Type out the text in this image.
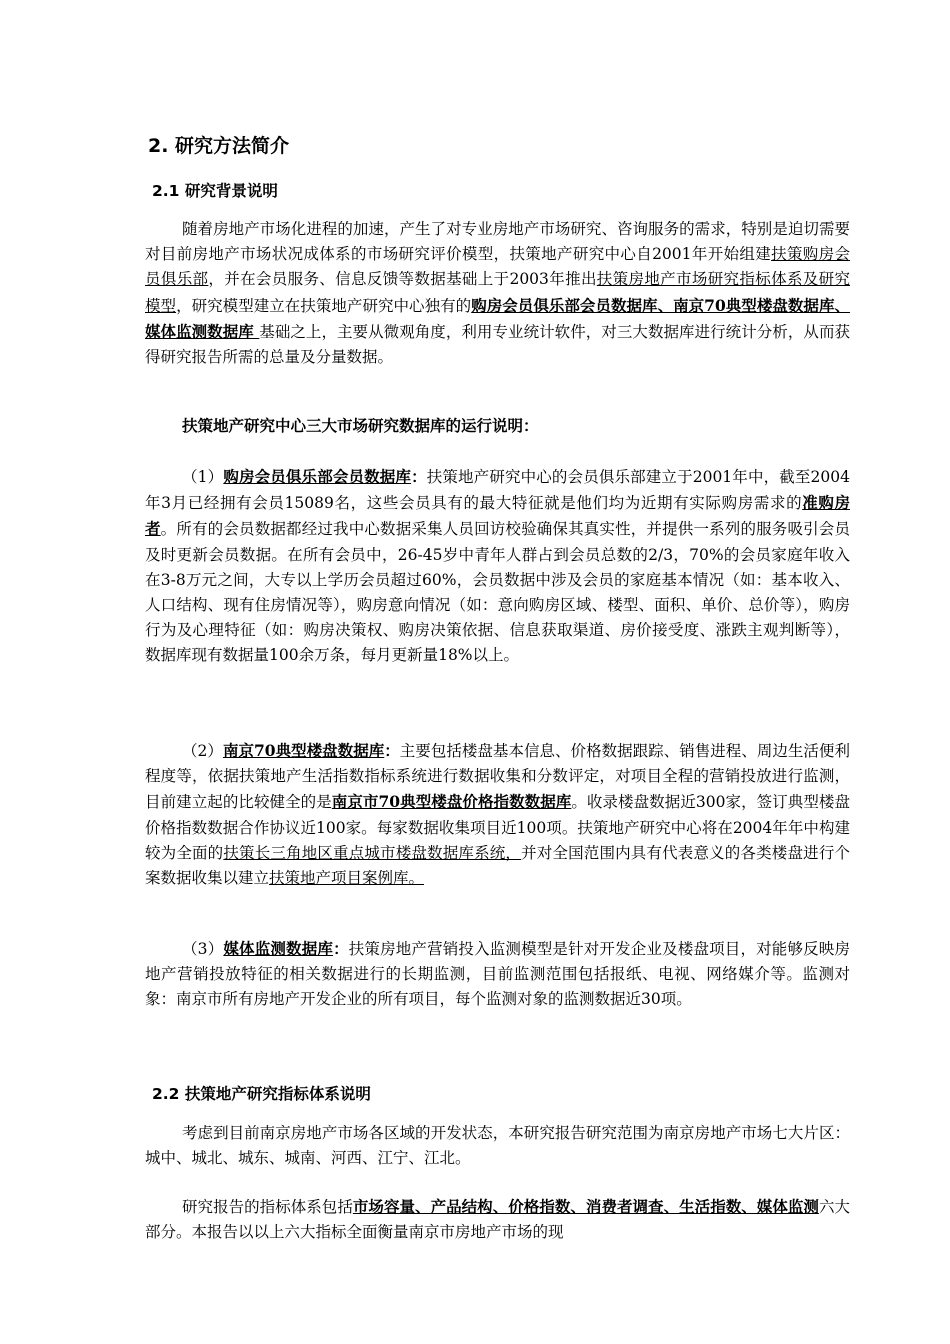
2. 研究方法简介
2.1 研究背景说明
随着房地产市场化进程的加速，产生了对专业房地产市场研究、咨询服务的需求，特别是迫切需要对目前房地产市场状况成体系的市场研究评价模型，扶策地产研究中心自2001年开始组建扶策购房会员俱乐部，并在会员服务、信息反馈等数据基础上于2003年推出扶策房地产市场研究指标体系及研究模型，研究模型建立在扶策地产研究中心独有的购房会员俱乐部会员数据库、南京70典型楼盘数据库、媒体监测数据库 基础之上，主要从微观角度，利用专业统计软件，对三大数据库进行统计分析，从而获得研究报告所需的总量及分量数据。
扶策地产研究中心三大市场研究数据库的运行说明：
（1）购房会员俱乐部会员数据库：扶策地产研究中心的会员俱乐部建立于2001年中，截至2004年3月已经拥有会员15089名，这些会员具有的最大特征就是他们均为近期有实际购房需求的准购房者。所有的会员数据都经过我中心数据采集人员回访校验确保其真实性，并提供一系列的服务吸引会员及时更新会员数据。在所有会员中，26-45岁中青年人群占到会员总数的2/3，70%的会员家庭年收入在3-8万元之间，大专以上学历会员超过60%，会员数据中涉及会员的家庭基本情况（如：基本收入、人口结构、现有住房情况等），购房意向情况（如：意向购房区域、楼型、面积、单价、总价等），购房行为及心理特征（如：购房决策权、购房决策依据、信息获取渠道、房价接受度、涨跌主观判断等），数据库现有数据量100余万条，每月更新量18%以上。
（2）南京70典型楼盘数据库：主要包括楼盘基本信息、价格数据跟踪、销售进程、周边生活便利程度等，依据扶策地产生活指数指标系统进行数据收集和分数评定，对项目全程的营销投放进行监测，目前建立起的比较健全的是南京市70典型楼盘价格指数数据库。收录楼盘数据近300家，签订典型楼盘价格指数数据合作协议近100家。每家数据收集项目近100项。扶策地产研究中心将在2004年年中构建较为全面的扶策长三角地区重点城市楼盘数据库系统，并对全国范围内具有代表意义的各类楼盘进行个案数据收集以建立扶策地产项目案例库。
（3）媒体监测数据库：扶策房地产营销投入监测模型是针对开发企业及楼盘项目，对能够反映房地产营销投放特征的相关数据进行的长期监测，目前监测范围包括报纸、电视、网络媒介等。监测对象：南京市所有房地产开发企业的所有项目，每个监测对象的监测数据近30项。
2.2 扶策地产研究指标体系说明
考虑到目前南京房地产市场各区域的开发状态，本研究报告研究范围为南京房地产市场七大片区：城中、城北、城东、城南、河西、江宁、江北。
研究报告的指标体系包括市场容量、产品结构、价格指数、消费者调查、生活指数、媒体监测六大部分。本报告以以上六大指标全面衡量南京市房地产市场的现
